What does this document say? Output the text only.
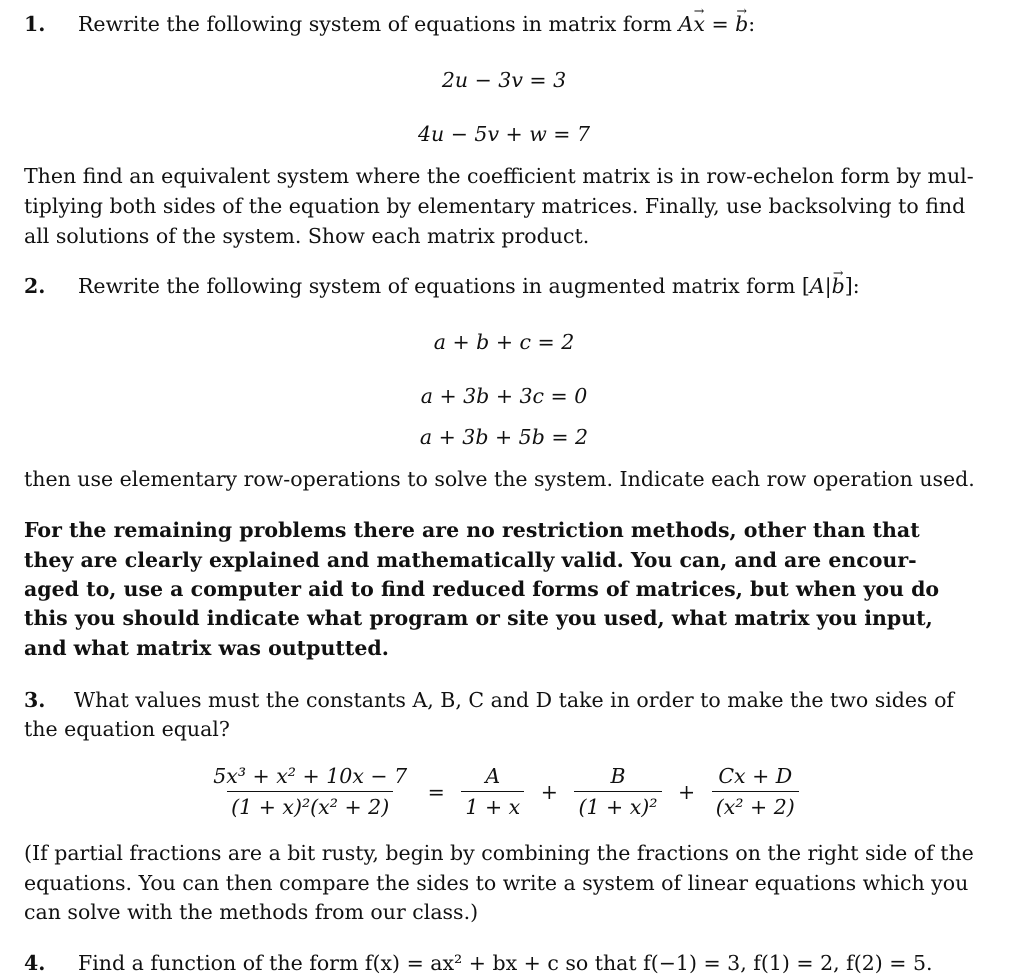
1. Rewrite the following system of equations in matrix form Ax → = b →:
2u − 3v = 3
4u − 5v + w = 7
Then find an equivalent system where the coefficient matrix is in row-echelon form by mul-
tiplying both sides of the equation by elementary matrices. Finally, use backsolving to find
all solutions of the system. Show each matrix product.
2. Rewrite the following system of equations in augmented matrix form [A|b →]:
a + b + c = 2
a + 3b + 3c = 0
a + 3b + 5b = 2
then use elementary row-operations to solve the system. Indicate each row operation used.
For the remaining problems there are no restriction methods, other than that
they are clearly explained and mathematically valid. You can, and are encour-
aged to, use a computer aid to find reduced forms of matrices, but when you do
this you should indicate what program or site you used, what matrix you input,
and what matrix was outputted.
3. What values must the constants A, B, C and D take in order to make the two sides of
the equation equal?
$\frac{\text{5x³ + x² + 10x − 7}}{\text{(1 + x)²(x² + 2)}} = \frac{A}{1 + x} + \frac{B}{\text{(1 + x)²}} + \frac{Cx + D}{\text{(x² + 2)}}$
(If partial fractions are a bit rusty, begin by combining the fractions on the right side of the
equations. You can then compare the sides to write a system of linear equations which you
can solve with the methods from our class.)
4. Find a function of the form f(x) = ax² + bx + c so that f(−1) = 3, f(1) = 2, f(2) = 5.
